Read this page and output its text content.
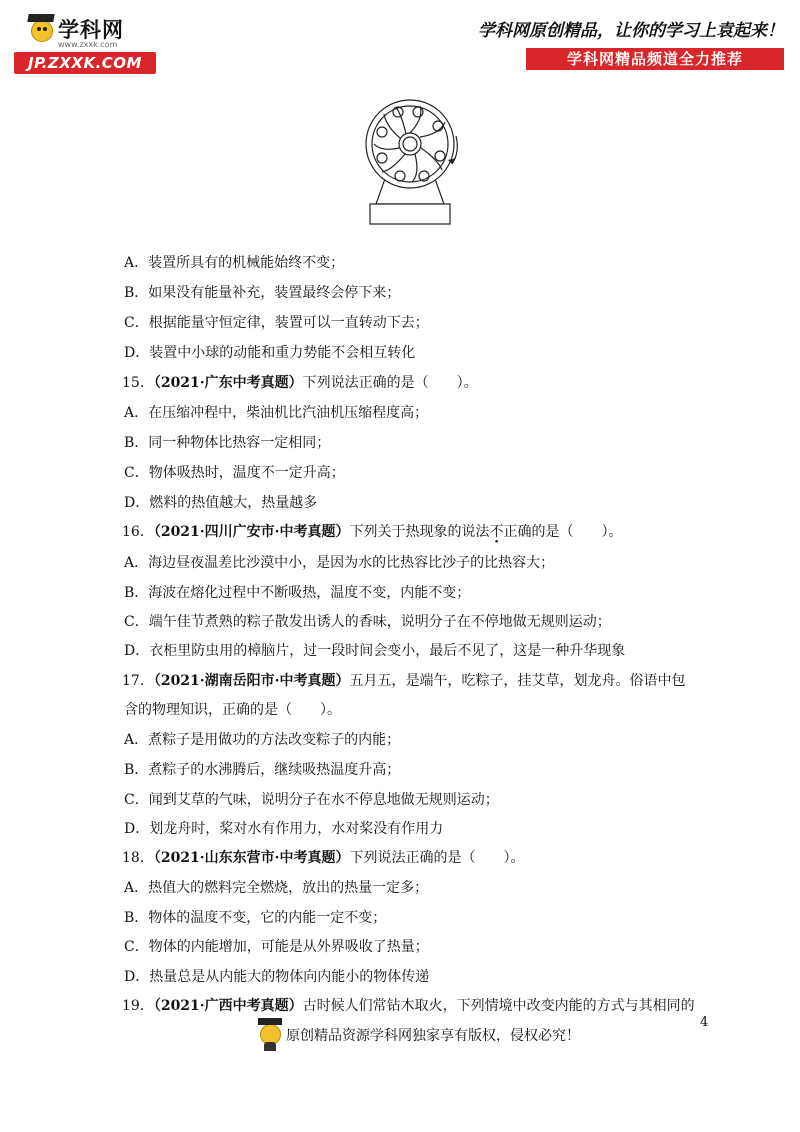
学科网
www.zxxk.com
JP.ZXXK.COM
学科网原创精品，让你的学习上袁起来！
学科网精品频道全力推荐
A．装置所具有的机械能始终不变；
B．如果没有能量补充，装置最终会停下来；
C．根据能量守恒定律，装置可以一直转动下去；
D．装置中小球的动能和重力势能不会相互转化
15．（2021·广东中考真题）下列说法正确的是（　　）。
A．在压缩冲程中，柴油机比汽油机压缩程度高；
B．同一种物体比热容一定相同；
C．物体吸热时，温度不一定升高；
D．燃料的热值越大，热量越多
16．（2021·四川广安市·中考真题）下列关于热现象的说法不正确的是（　　）。
A．海边昼夜温差比沙漠中小，是因为水的比热容比沙子的比热容大；
B．海波在熔化过程中不断吸热，温度不变，内能不变；
C．端午佳节煮熟的粽子散发出诱人的香味，说明分子在不停地做无规则运动；
D．衣柜里防虫用的樟脑片，过一段时间会变小，最后不见了，这是一种升华现象
17．（2021·湖南岳阳市·中考真题）五月五，是端午，吃粽子，挂艾草，划龙舟。俗语中包
含的物理知识，正确的是（　　）。
A．煮粽子是用做功的方法改变粽子的内能；
B．煮粽子的水沸腾后，继续吸热温度升高；
C．闻到艾草的气味，说明分子在水不停息地做无规则运动；
D．划龙舟时，桨对水有作用力，水对桨没有作用力
18．（2021·山东东营市·中考真题）下列说法正确的是（　　）。
A．热值大的燃料完全燃烧，放出的热量一定多；
B．物体的温度不变，它的内能一定不变；
C．物体的内能增加，可能是从外界吸收了热量；
D．热量总是从内能大的物体向内能小的物体传递
19．（2021·广西中考真题）古时候人们常钻木取火，下列情境中改变内能的方式与其相同的
4
原创精品资源学科网独家享有版权，侵权必究！
